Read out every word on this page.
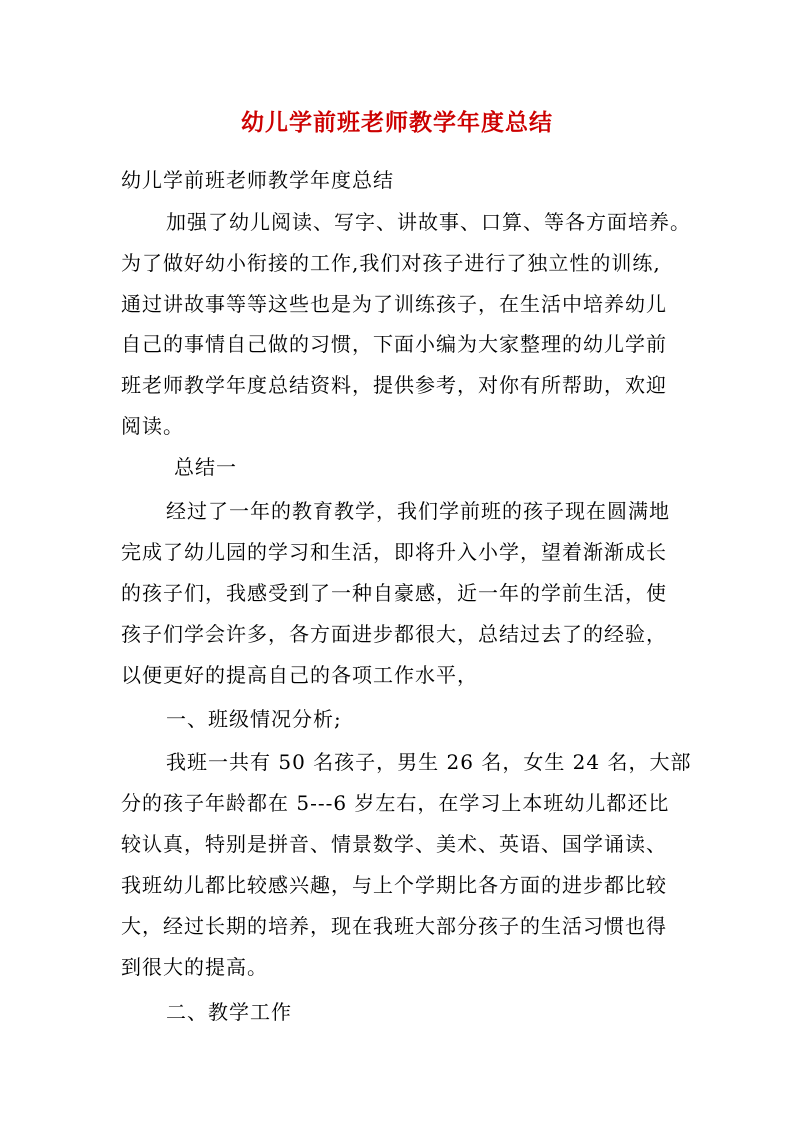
幼儿学前班老师教学年度总结
幼儿学前班老师教学年度总结
加强了幼儿阅读、写字、讲故事、口算、等各方面培养。
为了做好幼小衔接的工作,我们对孩子进行了独立性的训练,
通过讲故事等等这些也是为了训练孩子，在生活中培养幼儿
自己的事情自己做的习惯，下面小编为大家整理的幼儿学前
班老师教学年度总结资料，提供参考，对你有所帮助，欢迎
阅读。
总结一
经过了一年的教育教学，我们学前班的孩子现在圆满地
完成了幼儿园的学习和生活，即将升入小学，望着渐渐成长
的孩子们，我感受到了一种自豪感，近一年的学前生活，使
孩子们学会许多，各方面进步都很大，总结过去了的经验，
以便更好的提高自己的各项工作水平，
一、班级情况分析;
我班一共有 50 名孩子，男生 26 名，女生 24 名，大部
分的孩子年龄都在 5---6 岁左右，在学习上本班幼儿都还比
较认真，特别是拼音、情景数学、美术、英语、国学诵读、
我班幼儿都比较感兴趣，与上个学期比各方面的进步都比较
大，经过长期的培养，现在我班大部分孩子的生活习惯也得
到很大的提高。
二、教学工作
